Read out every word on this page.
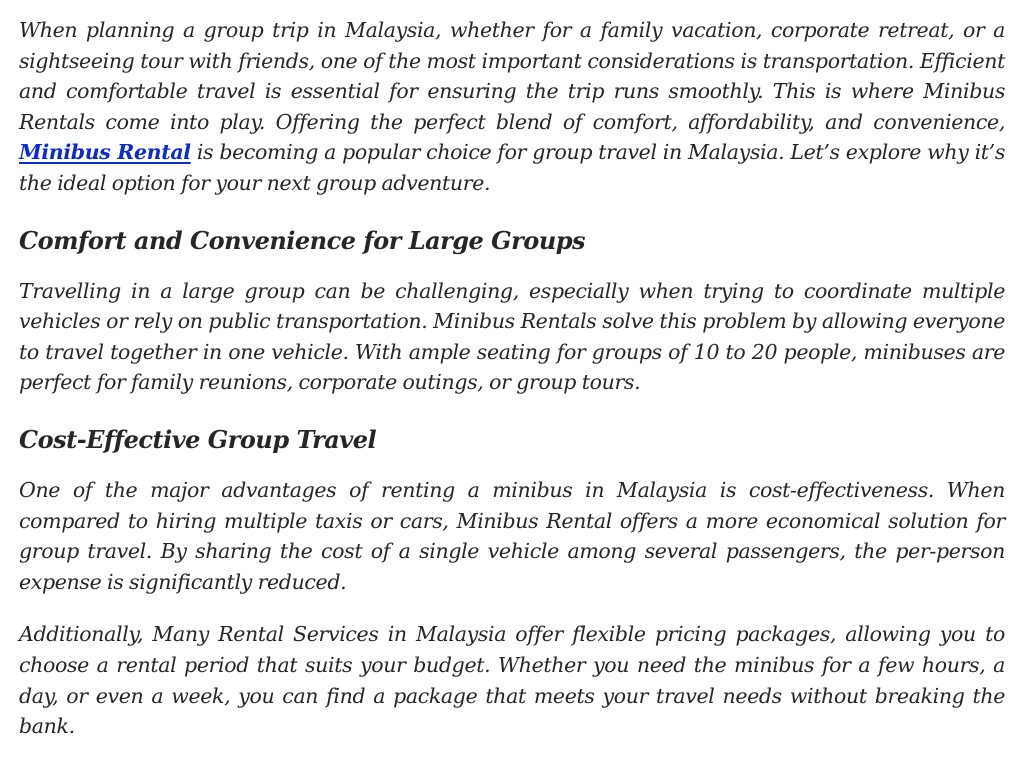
When planning a group trip in Malaysia, whether for a family vacation, corporate retreat, or a sightseeing tour with friends, one of the most important considerations is transportation. Efficient and comfortable travel is essential for ensuring the trip runs smoothly. This is where Minibus Rentals come into play. Offering the perfect blend of comfort, affordability, and convenience, Minibus Rental is becoming a popular choice for group travel in Malaysia. Let’s explore why it’s the ideal option for your next group adventure.

Comfort and Convenience for Large Groups

Travelling in a large group can be challenging, especially when trying to coordinate multiple vehicles or rely on public transportation. Minibus Rentals solve this problem by allowing everyone to travel together in one vehicle. With ample seating for groups of 10 to 20 people, minibuses are perfect for family reunions, corporate outings, or group tours.

Cost-Effective Group Travel

One of the major advantages of renting a minibus in Malaysia is cost-effectiveness. When compared to hiring multiple taxis or cars, Minibus Rental offers a more economical solution for group travel. By sharing the cost of a single vehicle among several passengers, the per-person expense is significantly reduced.

Additionally, Many Rental Services in Malaysia offer flexible pricing packages, allowing you to choose a rental period that suits your budget. Whether you need the minibus for a few hours, a day, or even a week, you can find a package that meets your travel needs without breaking the bank.
